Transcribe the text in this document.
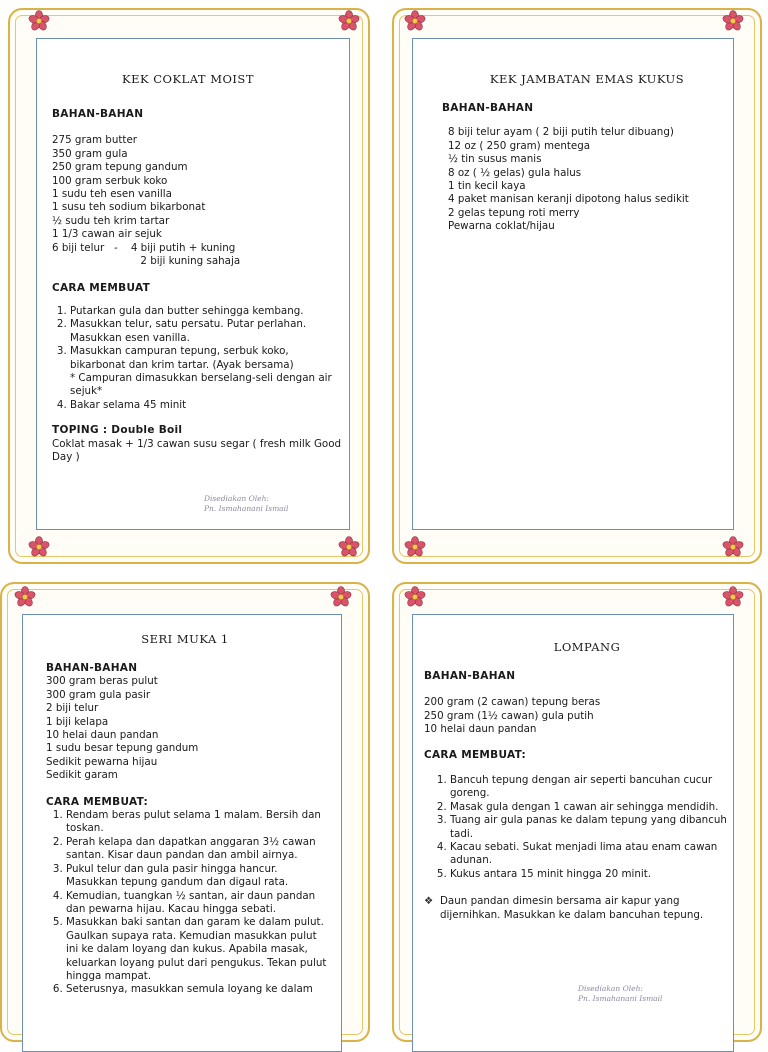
KEK COKLAT MOIST
BAHAN-BAHAN
275 gram butter
350 gram gula
250 gram tepung gandum
100 gram serbuk koko
1 sudu teh esen vanilla
1 susu teh sodium bikarbonat
½ sudu teh krim tartar
1 1/3 cawan air sejuk
6 biji telur   -    4 biji putih + kuning
2 biji kuning sahaja
CARA MEMBUAT
1. Putarkan gula dan butter sehingga kembang.
2. Masukkan telur, satu persatu. Putar perlahan. Masukkan esen vanilla.
3. Masukkan campuran tepung, serbuk koko, bikarbonat dan krim tartar. (Ayak bersama)
* Campuran dimasukkan berselang-seli dengan air sejuk*
4. Bakar selama 45 minit
TOPING : Double Boil
Coklat masak + 1/3 cawan susu segar ( fresh milk Good Day )
Disediakan Oleh:
Pn. Ismahanani Ismail
KEK JAMBATAN EMAS KUKUS
BAHAN-BAHAN
8 biji telur ayam ( 2 biji putih telur dibuang)
12 oz ( 250 gram) mentega
½ tin susus manis
8 oz ( ½ gelas) gula halus
1 tin kecil kaya
4 paket manisan keranji dipotong halus sedikit
2 gelas tepung roti merry
Pewarna coklat/hijau
SERI MUKA 1
BAHAN-BAHAN
300 gram beras pulut
300 gram gula pasir
2 biji telur
1 biji kelapa
10 helai daun pandan
1 sudu besar tepung gandum
Sedikit pewarna hijau
Sedikit garam
CARA MEMBUAT:
1. Rendam beras pulut selama 1 malam. Bersih dan toskan.
2. Perah kelapa dan dapatkan anggaran 3½ cawan santan. Kisar daun pandan dan ambil airnya.
3. Pukul telur dan gula pasir hingga hancur. Masukkan tepung gandum dan digaul rata.
4. Kemudian, tuangkan ½ santan, air daun pandan dan pewarna hijau. Kacau hingga sebati.
5. Masukkan baki santan dan garam ke dalam pulut. Gaulkan supaya rata. Kemudian masukkan pulut ini ke dalam loyang dan kukus. Apabila masak, keluarkan loyang pulut dari pengukus. Tekan pulut hingga mampat.
6. Seterusnya, masukkan semula loyang ke dalam
LOMPANG
BAHAN-BAHAN
200 gram (2 cawan) tepung beras
250 gram (1½ cawan) gula putih
10 helai daun pandan
CARA MEMBUAT:
1. Bancuh tepung dengan air seperti bancuhan cucur goreng.
2. Masak gula dengan 1 cawan air sehingga mendidih.
3. Tuang air gula panas ke dalam tepung yang dibancuh tadi.
4. Kacau sebati. Sukat menjadi lima atau enam cawan adunan.
5. Kukus antara 15 minit hingga 20 minit.
❖ Daun pandan dimesin bersama air kapur yang dijernihkan. Masukkan ke dalam bancuhan tepung.
Disediakan Oleh:
Pn. Ismahanani Ismail
